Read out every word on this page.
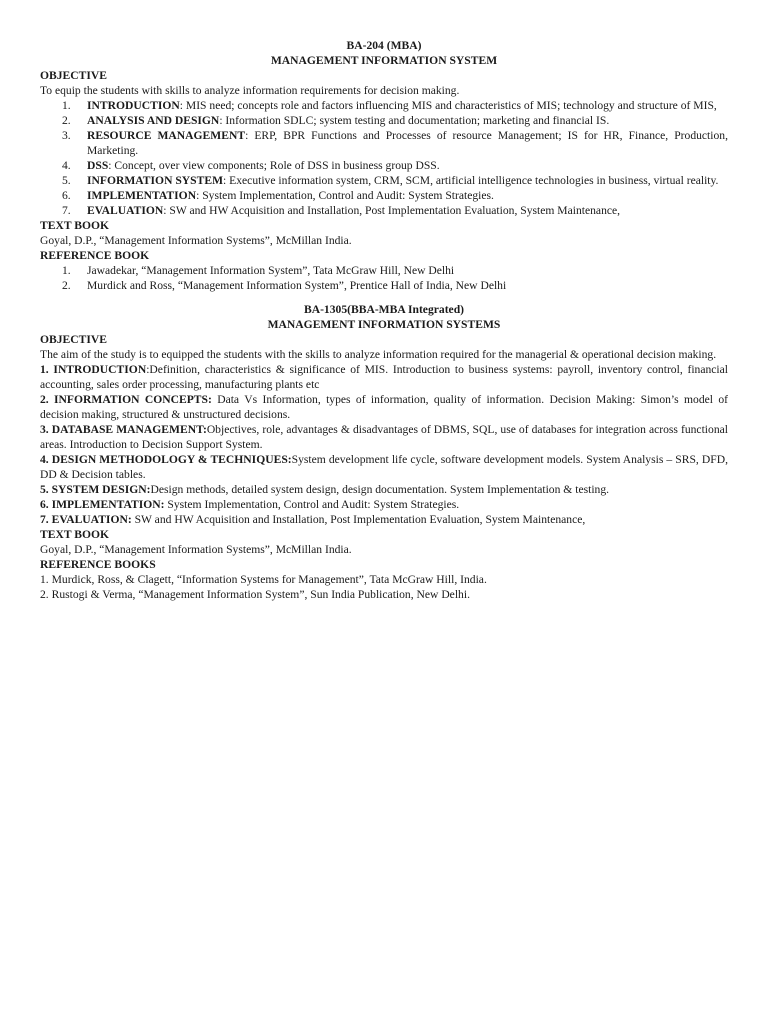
BA-204 (MBA)
MANAGEMENT INFORMATION SYSTEM
OBJECTIVE
To equip the students with skills to analyze information requirements for decision making.
1. INTRODUCTION: MIS need; concepts role and factors influencing MIS and characteristics of MIS; technology and structure of MIS,
2. ANALYSIS AND DESIGN: Information SDLC; system testing and documentation; marketing and financial IS.
3. RESOURCE MANAGEMENT: ERP, BPR Functions and Processes of resource Management; IS for HR, Finance, Production, Marketing.
4. DSS: Concept, over view components; Role of DSS in business group DSS.
5. INFORMATION SYSTEM: Executive information system, CRM, SCM, artificial intelligence technologies in business, virtual reality.
6. IMPLEMENTATION: System Implementation, Control and Audit: System Strategies.
7. EVALUATION: SW and HW Acquisition and Installation, Post Implementation Evaluation, System Maintenance,
TEXT BOOK
Goyal, D.P., “Management Information Systems”, McMillan India.
REFERENCE BOOK
1. Jawadekar, “Management Information System”, Tata McGraw Hill, New Delhi
2. Murdick and Ross, “Management Information System”, Prentice Hall of India, New Delhi
BA-1305(BBA-MBA Integrated)
MANAGEMENT INFORMATION SYSTEMS
OBJECTIVE
The aim of the study is to equipped the students with the skills to analyze information required for the managerial & operational decision making.
1. INTRODUCTION:Definition, characteristics & significance of MIS. Introduction to business systems: payroll, inventory control, financial accounting, sales order processing, manufacturing plants etc
2. INFORMATION CONCEPTS: Data Vs Information, types of information, quality of information. Decision Making: Simon’s model of decision making, structured & unstructured decisions.
3. DATABASE MANAGEMENT:Objectives, role, advantages & disadvantages of DBMS, SQL, use of databases for integration across functional areas. Introduction to Decision Support System.
4. DESIGN METHODOLOGY & TECHNIQUES:System development life cycle, software development models. System Analysis – SRS, DFD, DD & Decision tables.
5. SYSTEM DESIGN:Design methods, detailed system design, design documentation. System Implementation & testing.
6. IMPLEMENTATION: System Implementation, Control and Audit: System Strategies.
7. EVALUATION: SW and HW Acquisition and Installation, Post Implementation Evaluation, System Maintenance,
TEXT BOOK
Goyal, D.P., “Management Information Systems”, McMillan India.
REFERENCE BOOKS
1. Murdick, Ross, & Clagett, “Information Systems for Management”, Tata McGraw Hill, India.
2. Rustogi & Verma, “Management Information System”, Sun India Publication, New Delhi.
